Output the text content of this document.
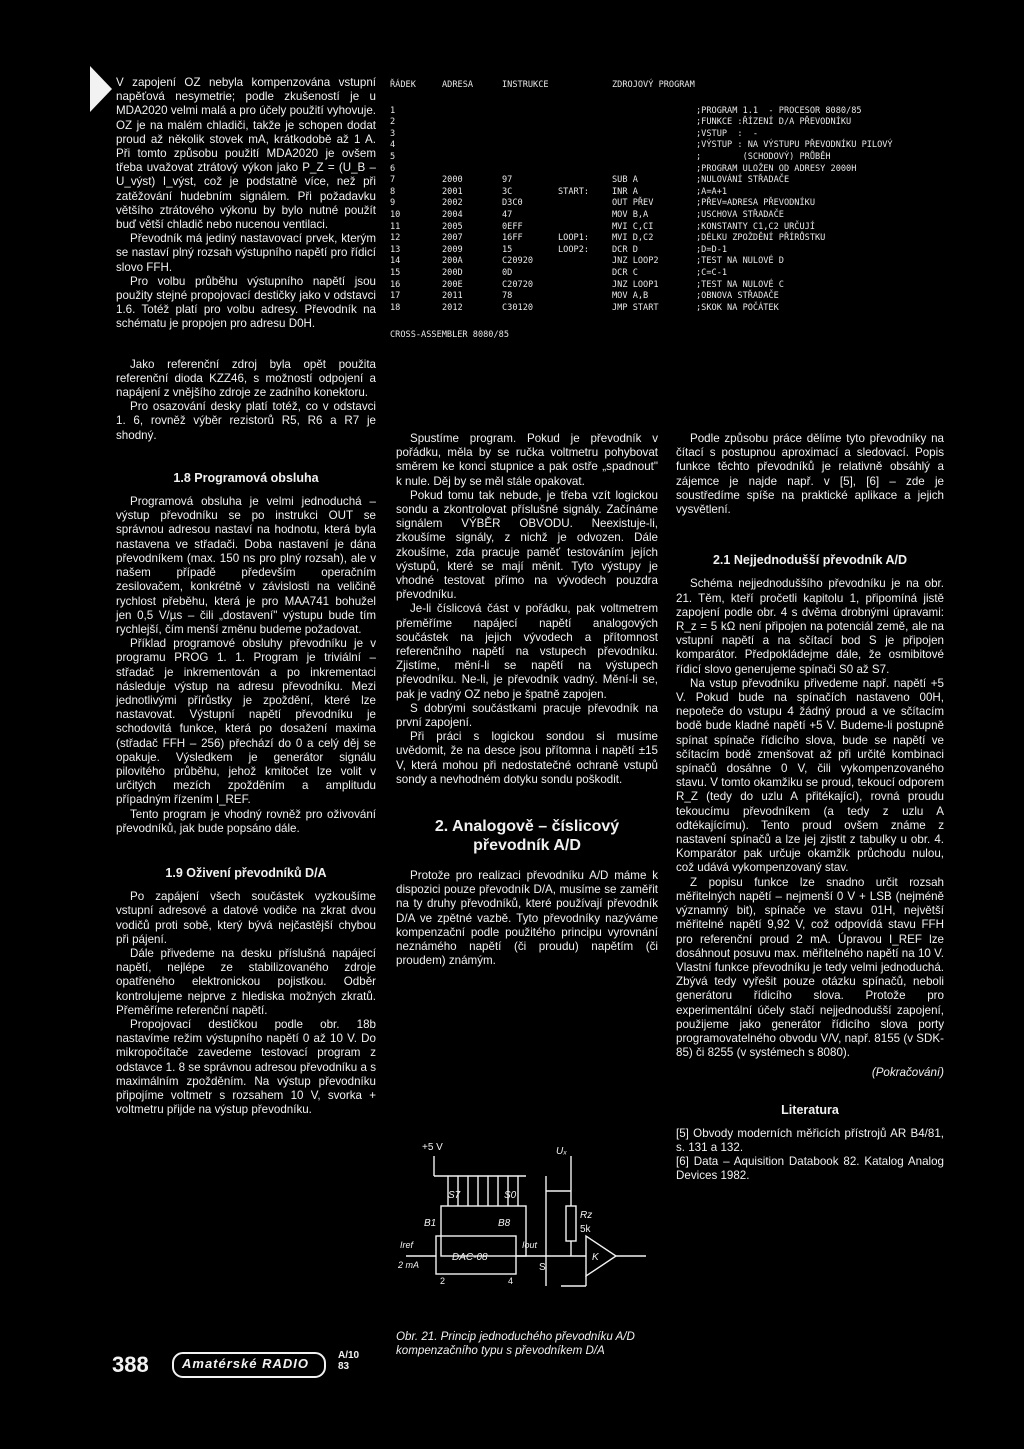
V zapojení OZ nebyla kompenzována vstupní napěťová nesymetrie; podle zkušeností je u MDA2020 velmi malá a pro účely použití vyhovuje. OZ je na malém chladiči, takže je schopen dodat proud až několik stovek mA, krátkodobě až 1 A. Při tomto způsobu použití MDA2020 je ovšem třeba uvažovat ztrátový výkon jako P_Z = (U_B – U_výst) I_výst, což je podstatně více, než při zatěžování hudebním signálem. Při požadavku většího ztrátového výkonu by bylo nutné použít buď větší chladič nebo nucenou ventilaci.

Převodník má jediný nastavovací prvek, kterým se nastaví plný rozsah výstupního napětí pro řídicí slovo FFH.

Pro volbu průběhu výstupního napětí jsou použity stejné propojovací destičky jako v odstavci 1.6. Totéž platí pro volbu adresy. Převodník na schématu je propojen pro adresu D0H.

Jako referenční zdroj byla opět použita referenční dioda KZZ46, s možností odpojení a napájení z vnějšího zdroje ze zadního konektoru.

Pro osazování desky platí totéž, co v odstavci 1. 6, rovněž výběr rezistorů R5, R6 a R7 je shodný.

1.8 Programová obsluha

Programová obsluha je velmi jednoduchá – výstup převodníku se po instrukci OUT se správnou adresou nastaví na hodnotu, která byla nastavena ve střadači. Doba nastavení je dána převodníkem (max. 150 ns pro plný rozsah), ale v našem případě především operačním zesilovačem, konkrétně v závislosti na veličině rychlost přeběhu, která je pro MAA741 bohužel jen 0,5 V/µs – čili „dostavení" výstupu bude tím rychlejší, čím menší změnu budeme požadovat.

Příklad programové obsluhy převodníku je v programu PROG 1. 1. Program je triviální – střadač je inkrementován a po inkrementaci následuje výstup na adresu převodníku. Mezi jednotlivými přírůstky je zpoždění, které lze nastavovat. Výstupní napětí převodníku je schodovitá funkce, která po dosažení maxima (střadač FFH – 256) přechází do 0 a celý děj se opakuje. Výsledkem je generátor signálu pilovitého průběhu, jehož kmitočet lze volit v určitých mezích zpožděním a amplitudu případným řízením I_REF.

Tento program je vhodný rovněž pro oživování převodníků, jak bude popsáno dále.

1.9 Oživení převodníků D/A

Po zapájení všech součástek vyzkoušíme vstupní adresové a datové vodiče na zkrat dvou vodičů proti sobě, který bývá nejčastější chybou při pájení.

Dále přivedeme na desku příslušná napájecí napětí, nejlépe ze stabilizovaného zdroje opatřeného elektronickou pojistkou. Odběr kontrolujeme nejprve z hlediska možných zkratů. Přeměříme referenční napětí.

Propojovací destičkou podle obr. 18b nastavíme režim výstupního napětí 0 až 10 V. Do mikropočítače zavedeme testovací program z odstavce 1. 8 se správnou adresou převodníku a s maximálním zpožděním. Na výstup převodníku připojíme voltmetr s rozsahem 10 V, svorka + voltmetru přijde na výstup převodníku.

ŘÁDEK	ADRESA	INSTRUKCE		ZDROJOVÝ PROGRAM	

1					;PROGRAM 1.1  - PROCESOR 8080/85
2					;FUNKCE :ŘÍZENÍ D/A PŘEVODNÍKU
3					;VSTUP  :  -
4					;VÝSTUP : NA VÝSTUPU PŘEVODNÍKU PILOVÝ
5					;        (SCHODOVÝ) PRŮBĚH
6					;PROGRAM ULOŽEN OD ADRESY 2000H
7	2000	97		SUB A	;NULOVÁNÍ STŘADAČE
8	2001	3C	START:	INR A	;A=A+1
9	2002	D3C0		OUT PŘEV	;PŘEV=ADRESA PŘEVODNÍKU
10	2004	47		MOV B,A	;USCHOVA STŘADAČE
11	2005	0EFF		MVI C,CI	;KONSTANTY C1,C2 URČUJÍ
12	2007	16FF	LOOP1:	MVI D,C2	;DÉLKU ZPOŽDĚNÍ PŘÍRŮSTKU
13	2009	15	LOOP2:	DCR D	;D=D-1
14	200A	C20920		JNZ LOOP2	;TEST NA NULOVÉ D
15	200D	0D		DCR C	;C=C-1
16	200E	C20720		JNZ LOOP1	;TEST NA NULOVÉ C
17	2011	78		MOV A,B	;OBNOVA STŘADAČE
18	2012	C30120		JMP START	;SKOK NA POČÁTEK
CROSS-ASSEMBLER 8080/85

Spustíme program. Pokud je převodník v pořádku, měla by se ručka voltmetru pohybovat směrem ke konci stupnice a pak ostře „spadnout" k nule. Děj by se měl stále opakovat.

Pokud tomu tak nebude, je třeba vzít logickou sondu a zkontrolovat příslušné signály. Začínáme signálem VÝBĚR OBVODU. Neexistuje-li, zkoušíme signály, z nichž je odvozen. Dále zkoušíme, zda pracuje paměť testováním jejích výstupů, které se mají měnit. Tyto výstupy je vhodné testovat přímo na vývodech pouzdra převodníku.

Je-li číslicová část v pořádku, pak voltmetrem přeměříme napájecí napětí analogových součástek na jejich vývodech a přítomnost referenčního napětí na vstupech převodníku. Zjistíme, mění-li se napětí na výstupech převodníku. Ne-li, je převodník vadný. Mění-li se, pak je vadný OZ nebo je špatně zapojen.

S dobrými součástkami pracuje převodník na první zapojení.

Při práci s logickou sondou si musíme uvědomit, že na desce jsou přítomna i napětí ±15 V, která mohou při nedostatečné ochraně vstupů sondy a nevhodném dotyku sondu poškodit.

2. Analogově – číslicový převodník A/D

Protože pro realizaci převodníku A/D máme k dispozici pouze převodník D/A, musíme se zaměřit na ty druhy převodníků, které používají převodník D/A ve zpětné vazbě. Tyto převodníky nazýváme kompenzační podle použitého principu vyrovnání neznámého napětí (či proudu) napětím (či proudem) známým.

+5 V
S7	S0
B1	B8
Uₓ
Rz
5k
Iout
Iref
2 mA
DAC-08
2	4
S
K
Obr. 21. Princip jednoduchého převodníku A/D kompenzačního typu s převodníkem D/A

Podle způsobu práce dělíme tyto převodníky na čítací s postupnou aproximací a sledovací. Popis funkce těchto převodníků je relativně obsáhlý a zájemce je najde např. v [5], [6] – zde je soustředíme spíše na praktické aplikace a jejich vysvětlení.

2.1 Nejjednodušší převodník A/D

Schéma nejjednoduššího převodníku je na obr. 21. Těm, kteří pročetli kapitolu 1, připomíná jistě zapojení podle obr. 4 s dvěma drobnými úpravami: R_z = 5 kΩ není připojen na potenciál země, ale na vstupní napětí a na sčítací bod S je připojen komparátor. Předpokládejme dále, že osmibitové řídicí slovo generujeme spínači S0 až S7.

Na vstup převodníku přivedeme např. napětí +5 V. Pokud bude na spínačích nastaveno 00H, nepoteče do vstupu 4 žádný proud a ve sčítacím bodě bude kladné napětí +5 V. Budeme-li postupně spínat spínače řídicího slova, bude se napětí ve sčítacím bodě zmenšovat až při určité kombinaci spínačů dosáhne 0 V, čili vykompenzovaného stavu. V tomto okamžiku se proud, tekoucí odporem R_Z (tedy do uzlu A přitékající), rovná proudu tekoucímu převodníkem (a tedy z uzlu A odtékajícímu). Tento proud ovšem známe z nastavení spínačů a lze jej zjistit z tabulky u obr. 4. Komparátor pak určuje okamžik průchodu nulou, což udává vykompenzovaný stav.

Z popisu funkce lze snadno určit rozsah měřitelných napětí – nejmenší 0 V + LSB (nejméně významný bit), spínače ve stavu 01H, největší měřitelné napětí 9,92 V, což odpovídá stavu FFH pro referenční proud 2 mA. Úpravou I_REF lze dosáhnout posuvu max. měřitelného napětí na 10 V. Vlastní funkce převodníku je tedy velmi jednoduchá. Zbývá tedy vyřešit pouze otázku spínačů, neboli generátoru řídicího slova. Protože pro experimentální účely stačí nejjednodušší zapojení, použijeme jako generátor řídicího slova porty programovatelného obvodu V/V, např. 8155 (v SDK-85) či 8255 (v systémech s 8080).

(Pokračování)
Literatura

[5] Obvody moderních měřicích přístrojů AR B4/81, s. 131 a 132.

[6] Data – Aquisition Databook 82. Katalog Analog Devices 1982.

388	Amatérské RADIO
A/10
83
